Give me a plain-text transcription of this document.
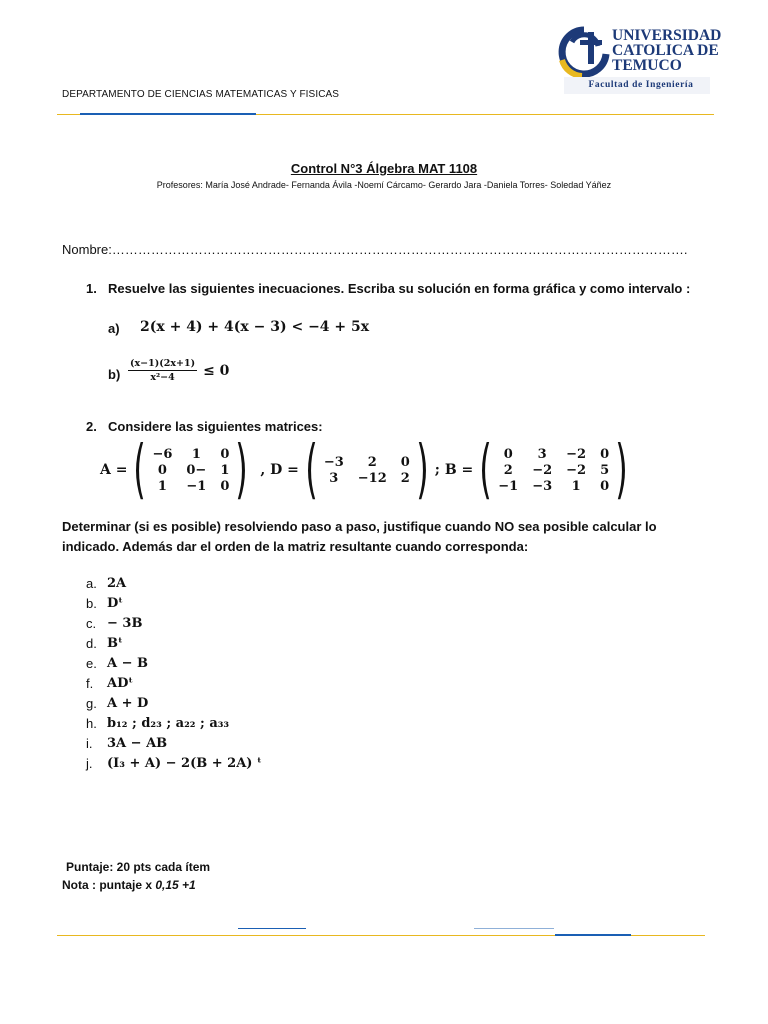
DEPARTAMENTO DE CIENCIAS MATEMATICAS Y FISICAS
UNIVERSIDAD
CATOLICA DE
TEMUCO
Facultad de Ingeniería
Control N°3 Álgebra MAT 1108
Profesores: María José Andrade- Fernanda Ávila -Noemí Cárcamo- Gerardo Jara -Daniela Torres- Soledad Yáñez
Nombre:…………………………………………………………………………………………………………………….
1. Resuelve las siguientes inecuaciones. Escriba su solución en forma gráfica y como intervalo :
a) 2(x + 4) + 4(x − 3) < −4 + 5x
$b) \frac{(x-1)(2x+1)}{\text{x²−4}} \le 0$
2. Considere las siguientes matrices:
A = ( −6	1	0
0	0− 1
1	−1 0 ) , D = ( −3	2	0
3	−12 2 ) ; B = ( 0	3	−2 0
2	−2 −2 5
−1 −3	1	0 )
Determinar (si es posible) resolviendo paso a paso, justifique cuando NO sea posible calcular lo indicado. Además dar el orden de la matriz resultante cuando corresponda:
a. 2A
b. Dᵗ
c. − 3B
d. Bᵗ
e. A − B
f.	ADᵗ
g. A + D
h. b₁₂ ; d₂₃ ; a₂₂ ; a₃₃
i.	3A − AB
j.	(I₃ + A) − 2(B + 2A) ᵗ
Puntaje: 20 pts cada ítem
Nota : puntaje x 0,15 +1
